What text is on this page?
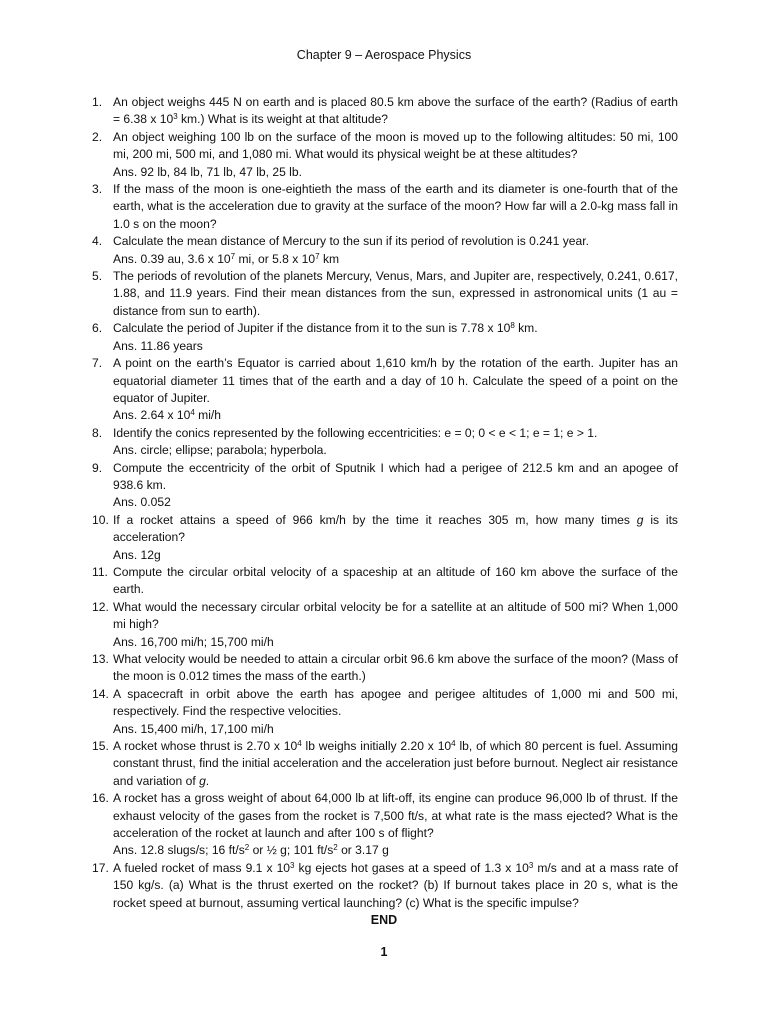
Chapter 9 – Aerospace Physics
1. An object weighs 445 N on earth and is placed 80.5 km above the surface of the earth? (Radius of earth = 6.38 x $10^3$ km.) What is its weight at that altitude?
2. An object weighing 100 lb on the surface of the moon is moved up to the following altitudes: 50 mi, 100 mi, 200 mi, 500 mi, and 1,080 mi. What would its physical weight be at these altitudes?
Ans. 92 lb, 84 lb, 71 lb, 47 lb, 25 lb.
3. If the mass of the moon is one-eightieth the mass of the earth and its diameter is one-fourth that of the earth, what is the acceleration due to gravity at the surface of the moon? How far will a 2.0-kg mass fall in 1.0 s on the moon?
4. Calculate the mean distance of Mercury to the sun if its period of revolution is 0.241 year.
Ans. 0.39 au, 3.6 x $10^7$ mi, or 5.8 x $10^7$ km
5. The periods of revolution of the planets Mercury, Venus, Mars, and Jupiter are, respectively, 0.241, 0.617, 1.88, and 11.9 years. Find their mean distances from the sun, expressed in astronomical units (1 au = distance from sun to earth).
6. Calculate the period of Jupiter if the distance from it to the sun is 7.78 x $10^8$ km.
Ans. 11.86 years
7. A point on the earth’s Equator is carried about 1,610 km/h by the rotation of the earth. Jupiter has an equatorial diameter 11 times that of the earth and a day of 10 h. Calculate the speed of a point on the equator of Jupiter.
Ans. 2.64 x $10^4$ mi/h
8. Identify the conics represented by the following eccentricities: e = 0; 0 < e < 1; e = 1; e > 1.
Ans. circle; ellipse; parabola; hyperbola.
9. Compute the eccentricity of the orbit of Sputnik I which had a perigee of 212.5 km and an apogee of 938.6 km.
Ans. 0.052
10. If a rocket attains a speed of 966 km/h by the time it reaches 305 m, how many times g is its acceleration?
Ans. 12g
11. Compute the circular orbital velocity of a spaceship at an altitude of 160 km above the surface of the earth.
12. What would the necessary circular orbital velocity be for a satellite at an altitude of 500 mi? When 1,000 mi high?
Ans. 16,700 mi/h; 15,700 mi/h
13. What velocity would be needed to attain a circular orbit 96.6 km above the surface of the moon? (Mass of the moon is 0.012 times the mass of the earth.)
14. A spacecraft in orbit above the earth has apogee and perigee altitudes of 1,000 mi and 500 mi, respectively. Find the respective velocities.
Ans. 15,400 mi/h, 17,100 mi/h
15. A rocket whose thrust is 2.70 x $10^4$ lb weighs initially 2.20 x $10^4$ lb, of which 80 percent is fuel. Assuming constant thrust, find the initial acceleration and the acceleration just before burnout. Neglect air resistance and variation of g.
16. A rocket has a gross weight of about 64,000 lb at lift-off, its engine can produce 96,000 lb of thrust. If the exhaust velocity of the gases from the rocket is 7,500 ft/s, at what rate is the mass ejected? What is the acceleration of the rocket at launch and after 100 s of flight?
Ans. 12.8 slugs/s; 16 $ft/s^2$ or ½ g; 101 $ft/s^2$ or 3.17 g
17. A fueled rocket of mass 9.1 x $10^3$ kg ejects hot gases at a speed of 1.3 x $10^3$ m/s and at a mass rate of 150 kg/s. (a) What is the thrust exerted on the rocket? (b) If burnout takes place in 20 s, what is the rocket speed at burnout, assuming vertical launching? (c) What is the specific impulse?
END
1
